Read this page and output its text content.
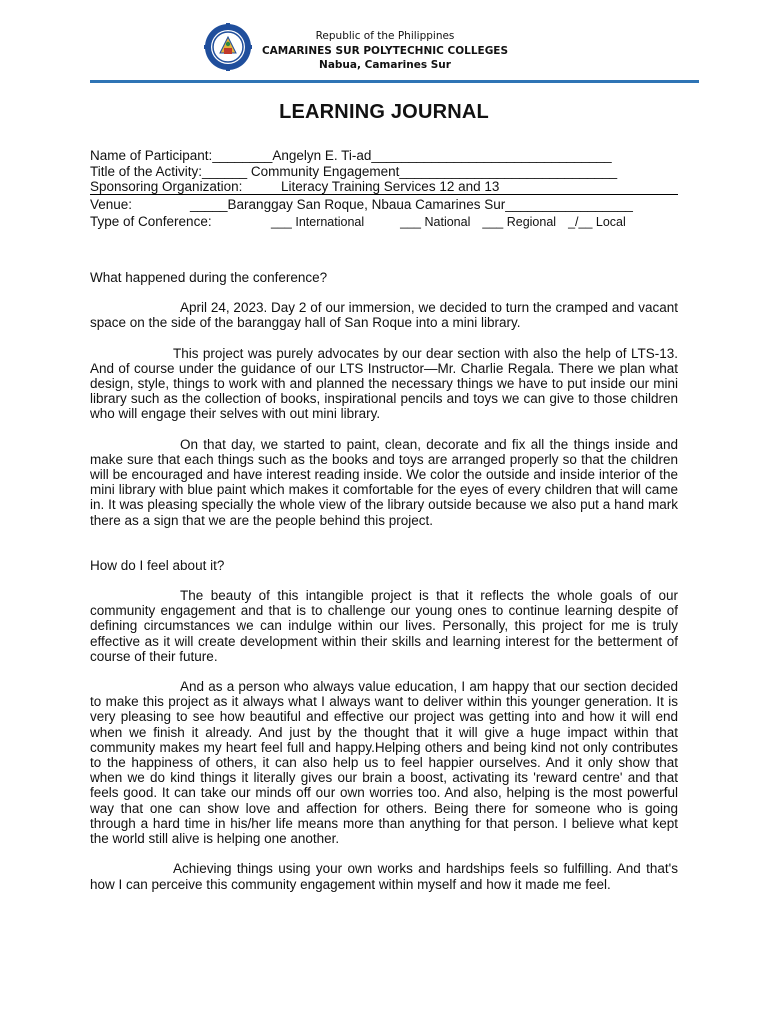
Republic of the Philippines
CAMARINES SUR POLYTECHNIC COLLEGES
Nabua, Camarines Sur
LEARNING JOURNAL
Name of Participant:________Angelyn E. Ti-ad________________________________
Title of the Activity:______ Community Engagement_____________________________
Sponsoring Organization:	Literacy Training Services 12 and 13
Venue:	_____Baranggay San Roque, Nbaua Camarines Sur_________________
Type of Conference:	___ International	___ National ___ Regional _/__ Local

What happened during the conference?

April 24, 2023. Day 2 of our immersion, we decided to turn the cramped and vacant space on the side of the baranggay hall of San Roque into a mini library.

This project was purely advocates by our dear section with also the help of LTS-13. And of course under the guidance of our LTS Instructor—Mr. Charlie Regala. There we plan what design, style, things to work with and planned the necessary things we have to put inside our mini library such as the collection of books, inspirational pencils and toys we can give to those children who will engage their selves with out mini library.

On that day, we started to paint, clean, decorate and fix all the things inside and make sure that each things such as the books and toys are arranged properly so that the children will be encouraged and have interest reading inside. We color the outside and inside interior of the mini library with blue paint which makes it comfortable for the eyes of every children that will came in. It was pleasing specially the whole view of the library outside because we also put a hand mark there as a sign that we are the people behind this project.

How do I feel about it?

The beauty of this intangible project is that it reflects the whole goals of our community engagement and that is to challenge our young ones to continue learning despite of defining circumstances we can indulge within our lives. Personally, this project for me is truly effective as it will create development within their skills and learning interest for the betterment of course of their future.

And as a person who always value education, I am happy that our section decided to make this project as it always what I always want to deliver within this younger generation. It is very pleasing to see how beautiful and effective our project was getting into and how it will end when we finish it already. And just by the thought that it will give a huge impact within that community makes my heart feel full and happy.Helping others and being kind not only contributes to the happiness of others, it can also help us to feel happier ourselves. And it only show that when we do kind things it literally gives our brain a boost, activating its 'reward centre' and that feels good. It can take our minds off our own worries too. And also, helping is the most powerful way that one can show love and affection for others. Being there for someone who is going through a hard time in his/her life means more than anything for that person. I believe what kept the world still alive is helping one another.

Achieving things using your own works and hardships feels so fulfilling. And that's how I can perceive this community engagement within myself and how it made me feel.
